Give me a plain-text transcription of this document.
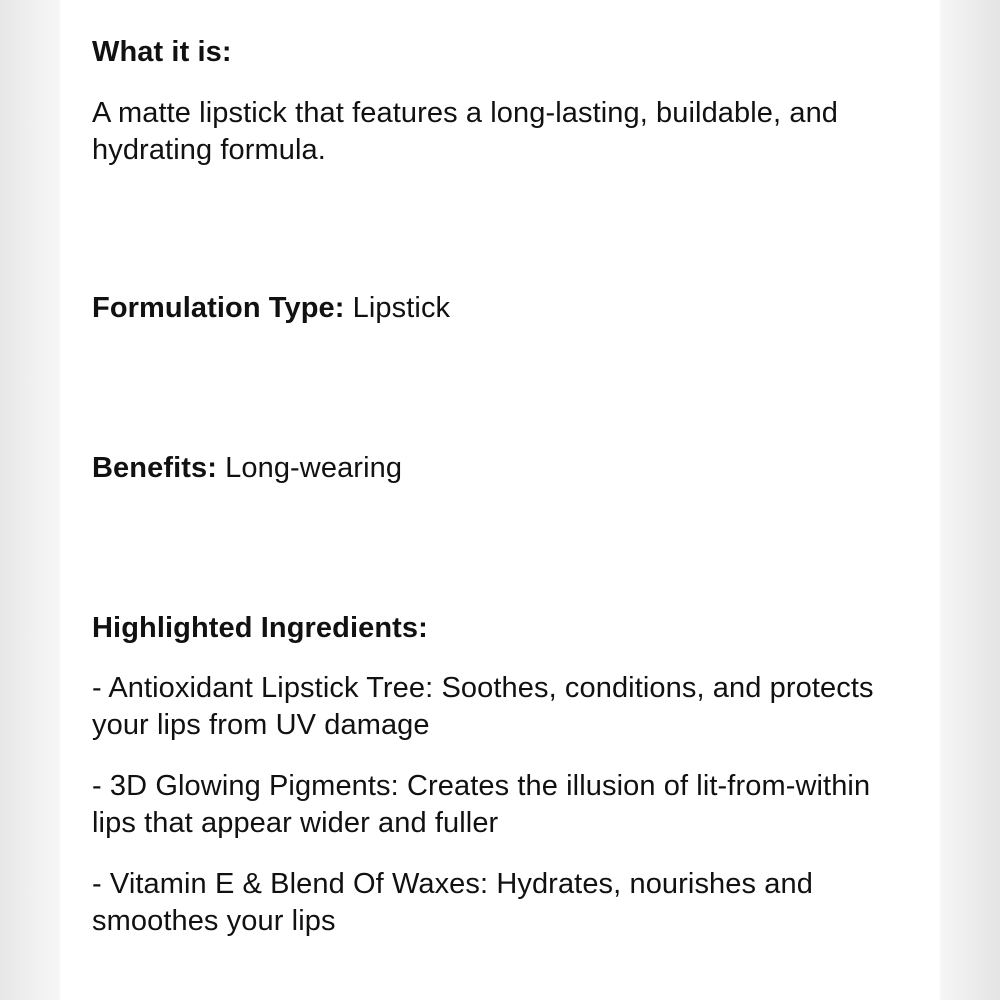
What it is:
A matte lipstick that features a long-lasting, buildable, and hydrating formula.
Formulation Type: Lipstick
Benefits: Long-wearing
Highlighted Ingredients:
- Antioxidant Lipstick Tree: Soothes, conditions, and protects your lips from UV damage
- 3D Glowing Pigments: Creates the illusion of lit-from-within lips that appear wider and fuller
- Vitamin E & Blend Of Waxes: Hydrates, nourishes and smoothes your lips
